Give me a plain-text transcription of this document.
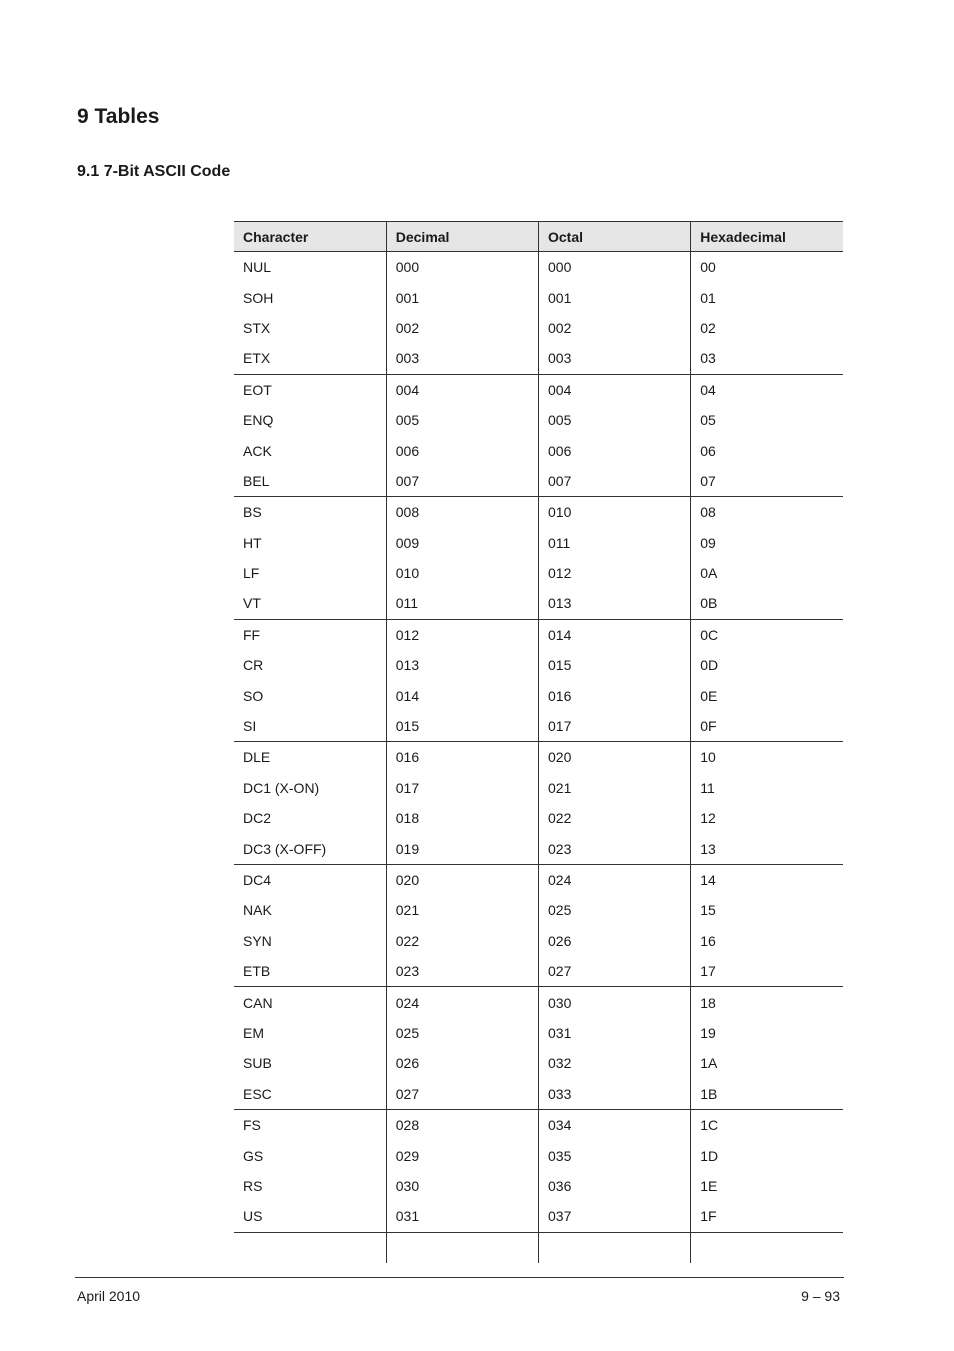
9 Tables
9.1 7-Bit ASCII Code
Character	Decimal	Octal	Hexadecimal
NUL	000	000	00
SOH	001	001	01
STX	002	002	02
ETX	003	003	03
EOT	004	004	04
ENQ	005	005	05
ACK	006	006	06
BEL	007	007	07
BS	008	010	08
HT	009	011	09
LF	010	012	0A
VT	011	013	0B
FF	012	014	0C
CR	013	015	0D
SO	014	016	0E
SI	015	017	0F
DLE	016	020	10
DC1 (X-ON)	017	021	11
DC2	018	022	12
DC3 (X-OFF)	019	023	13
DC4	020	024	14
NAK	021	025	15
SYN	022	026	16
ETB	023	027	17
CAN	024	030	18
EM	025	031	19
SUB	026	032	1A
ESC	027	033	1B
FS	028	034	1C
GS	029	035	1D
RS	030	036	1E
US	031	037	1F

April 2010	9 – 93
